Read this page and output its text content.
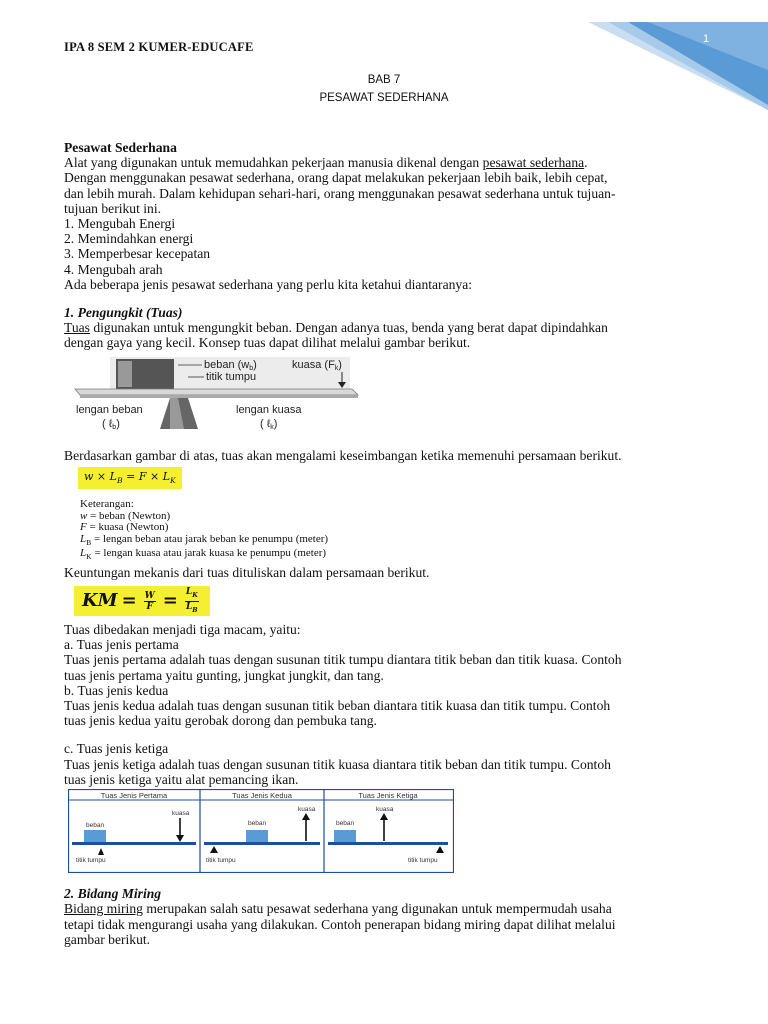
1
IPA 8 SEM 2 KUMER-EDUCAFE
BAB 7
PESAWAT SEDERHANA

Pesawat Sederhana

Alat yang digunakan untuk memudahkan pekerjaan manusia dikenal dengan pesawat sederhana.

Dengan menggunakan pesawat sederhana, orang dapat melakukan pekerjaan lebih baik, lebih cepat,

dan lebih murah. Dalam kehidupan sehari-hari, orang menggunakan pesawat sederhana untuk tujuan-

tujuan berikut ini.

1. Mengubah Energi

2. Memindahkan energi

3. Memperbesar kecepatan

4. Mengubah arah

Ada beberapa jenis pesawat sederhana yang perlu kita ketahui diantaranya:

1. Pengungkit (Tuas)

Tuas digunakan untuk mengungkit beban. Dengan adanya tuas, benda yang berat dapat dipindahkan

dengan gaya yang kecil. Konsep tuas dapat dilihat melalui gambar berikut.

beban (wb)
titik tumpu
kuasa (Fk)
lengan beban
( ℓb)
lengan kuasa
( ℓk)

Berdasarkan gambar di atas, tuas akan mengalami keseimbangan ketika memenuhi persamaan berikut.

$w \times L_B = F \times L_K$
Keterangan:
w = beban (Newton)
F = kuasa (Newton)
$L_B$ = lengan beban atau jarak beban ke penumpu (meter)
$L_K$ = lengan kuasa atau jarak kuasa ke penumpu (meter)

Keuntungan mekanis dari tuas dituliskan dalam persamaan berikut.

KM = $\frac{W}{F} = \frac{L_K}{L_B}$

Tuas dibedakan menjadi tiga macam, yaitu:

a. Tuas jenis pertama

Tuas jenis pertama adalah tuas dengan susunan titik tumpu diantara titik beban dan titik kuasa. Contoh

tuas jenis pertama yaitu gunting, jungkat jungkit, dan tang.

b. Tuas jenis kedua

Tuas jenis kedua adalah tuas dengan susunan titik beban diantara titik kuasa dan titik tumpu. Contoh

tuas jenis kedua yaitu gerobak dorong dan pembuka tang.

c. Tuas jenis ketiga

Tuas jenis ketiga adalah tuas dengan susunan titik kuasa diantara titik beban dan titik tumpu. Contoh

tuas jenis ketiga yaitu alat pemancing ikan.

Tuas Jenis Pertama
beban
kuasa
titik tumpu
Tuas Jenis Kedua
beban
kuasa
titik tumpu
Tuas Jenis Ketiga
beban
kuasa
titik tumpu

2. Bidang Miring

Bidang miring merupakan salah satu pesawat sederhana yang digunakan untuk mempermudah usaha

tetapi tidak mengurangi usaha yang dilakukan. Contoh penerapan bidang miring dapat dilihat melalui

gambar berikut.
